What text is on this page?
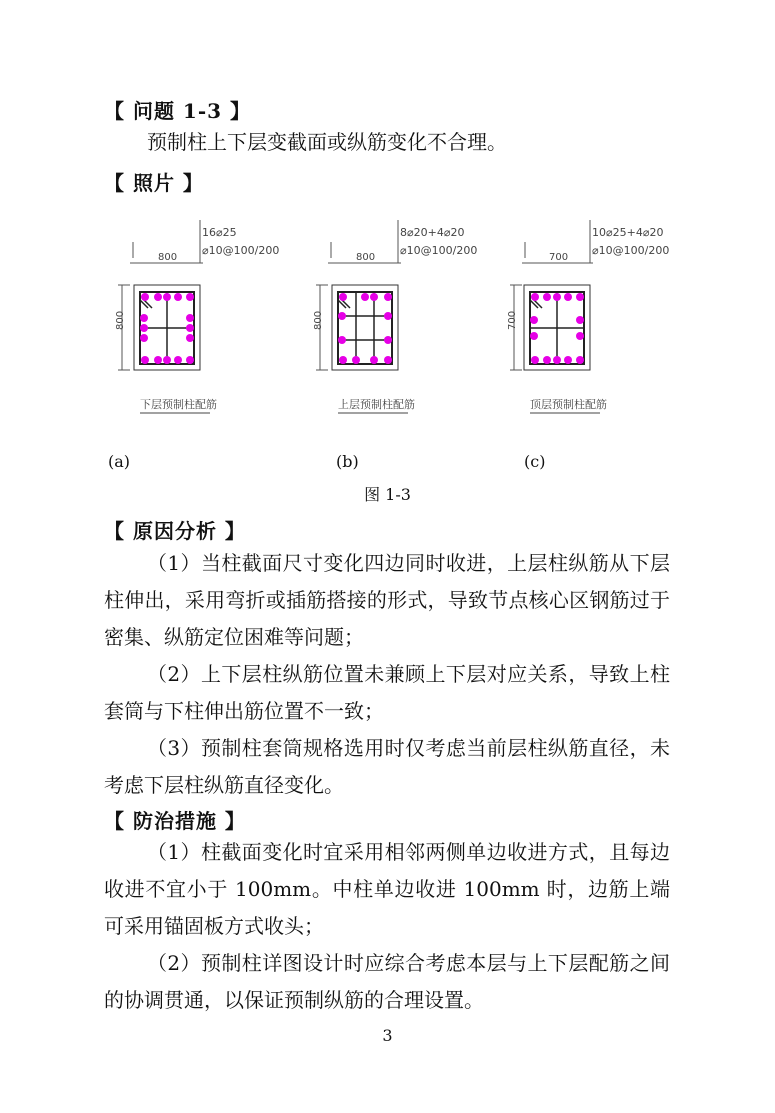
【 问题 1-3 】
预制柱上下层变截面或纵筋变化不合理。
【 照片 】
800
16⌀25
⌀10@100/200
800
下层预制柱配筋
800
8⌀20+4⌀20
⌀10@100/200
800
上层预制柱配筋
700
10⌀25+4⌀20
⌀10@100/200
700
顶层预制柱配筋
(a)	(b)	(c)
图 1-3
【 原因分析 】
（1）当柱截面尺寸变化四边同时收进，上层柱纵筋从下层柱伸出，采用弯折或插筋搭接的形式，导致节点核心区钢筋过于密集、纵筋定位困难等问题；
（2）上下层柱纵筋位置未兼顾上下层对应关系，导致上柱套筒与下柱伸出筋位置不一致；
（3）预制柱套筒规格选用时仅考虑当前层柱纵筋直径，未考虑下层柱纵筋直径变化。
【 防治措施 】
（1）柱截面变化时宜采用相邻两侧单边收进方式，且每边收进不宜小于 100mm。中柱单边收进 100mm 时，边筋上端可采用锚固板方式收头；
（2）预制柱详图设计时应综合考虑本层与上下层配筋之间的协调贯通，以保证预制纵筋的合理设置。
3
